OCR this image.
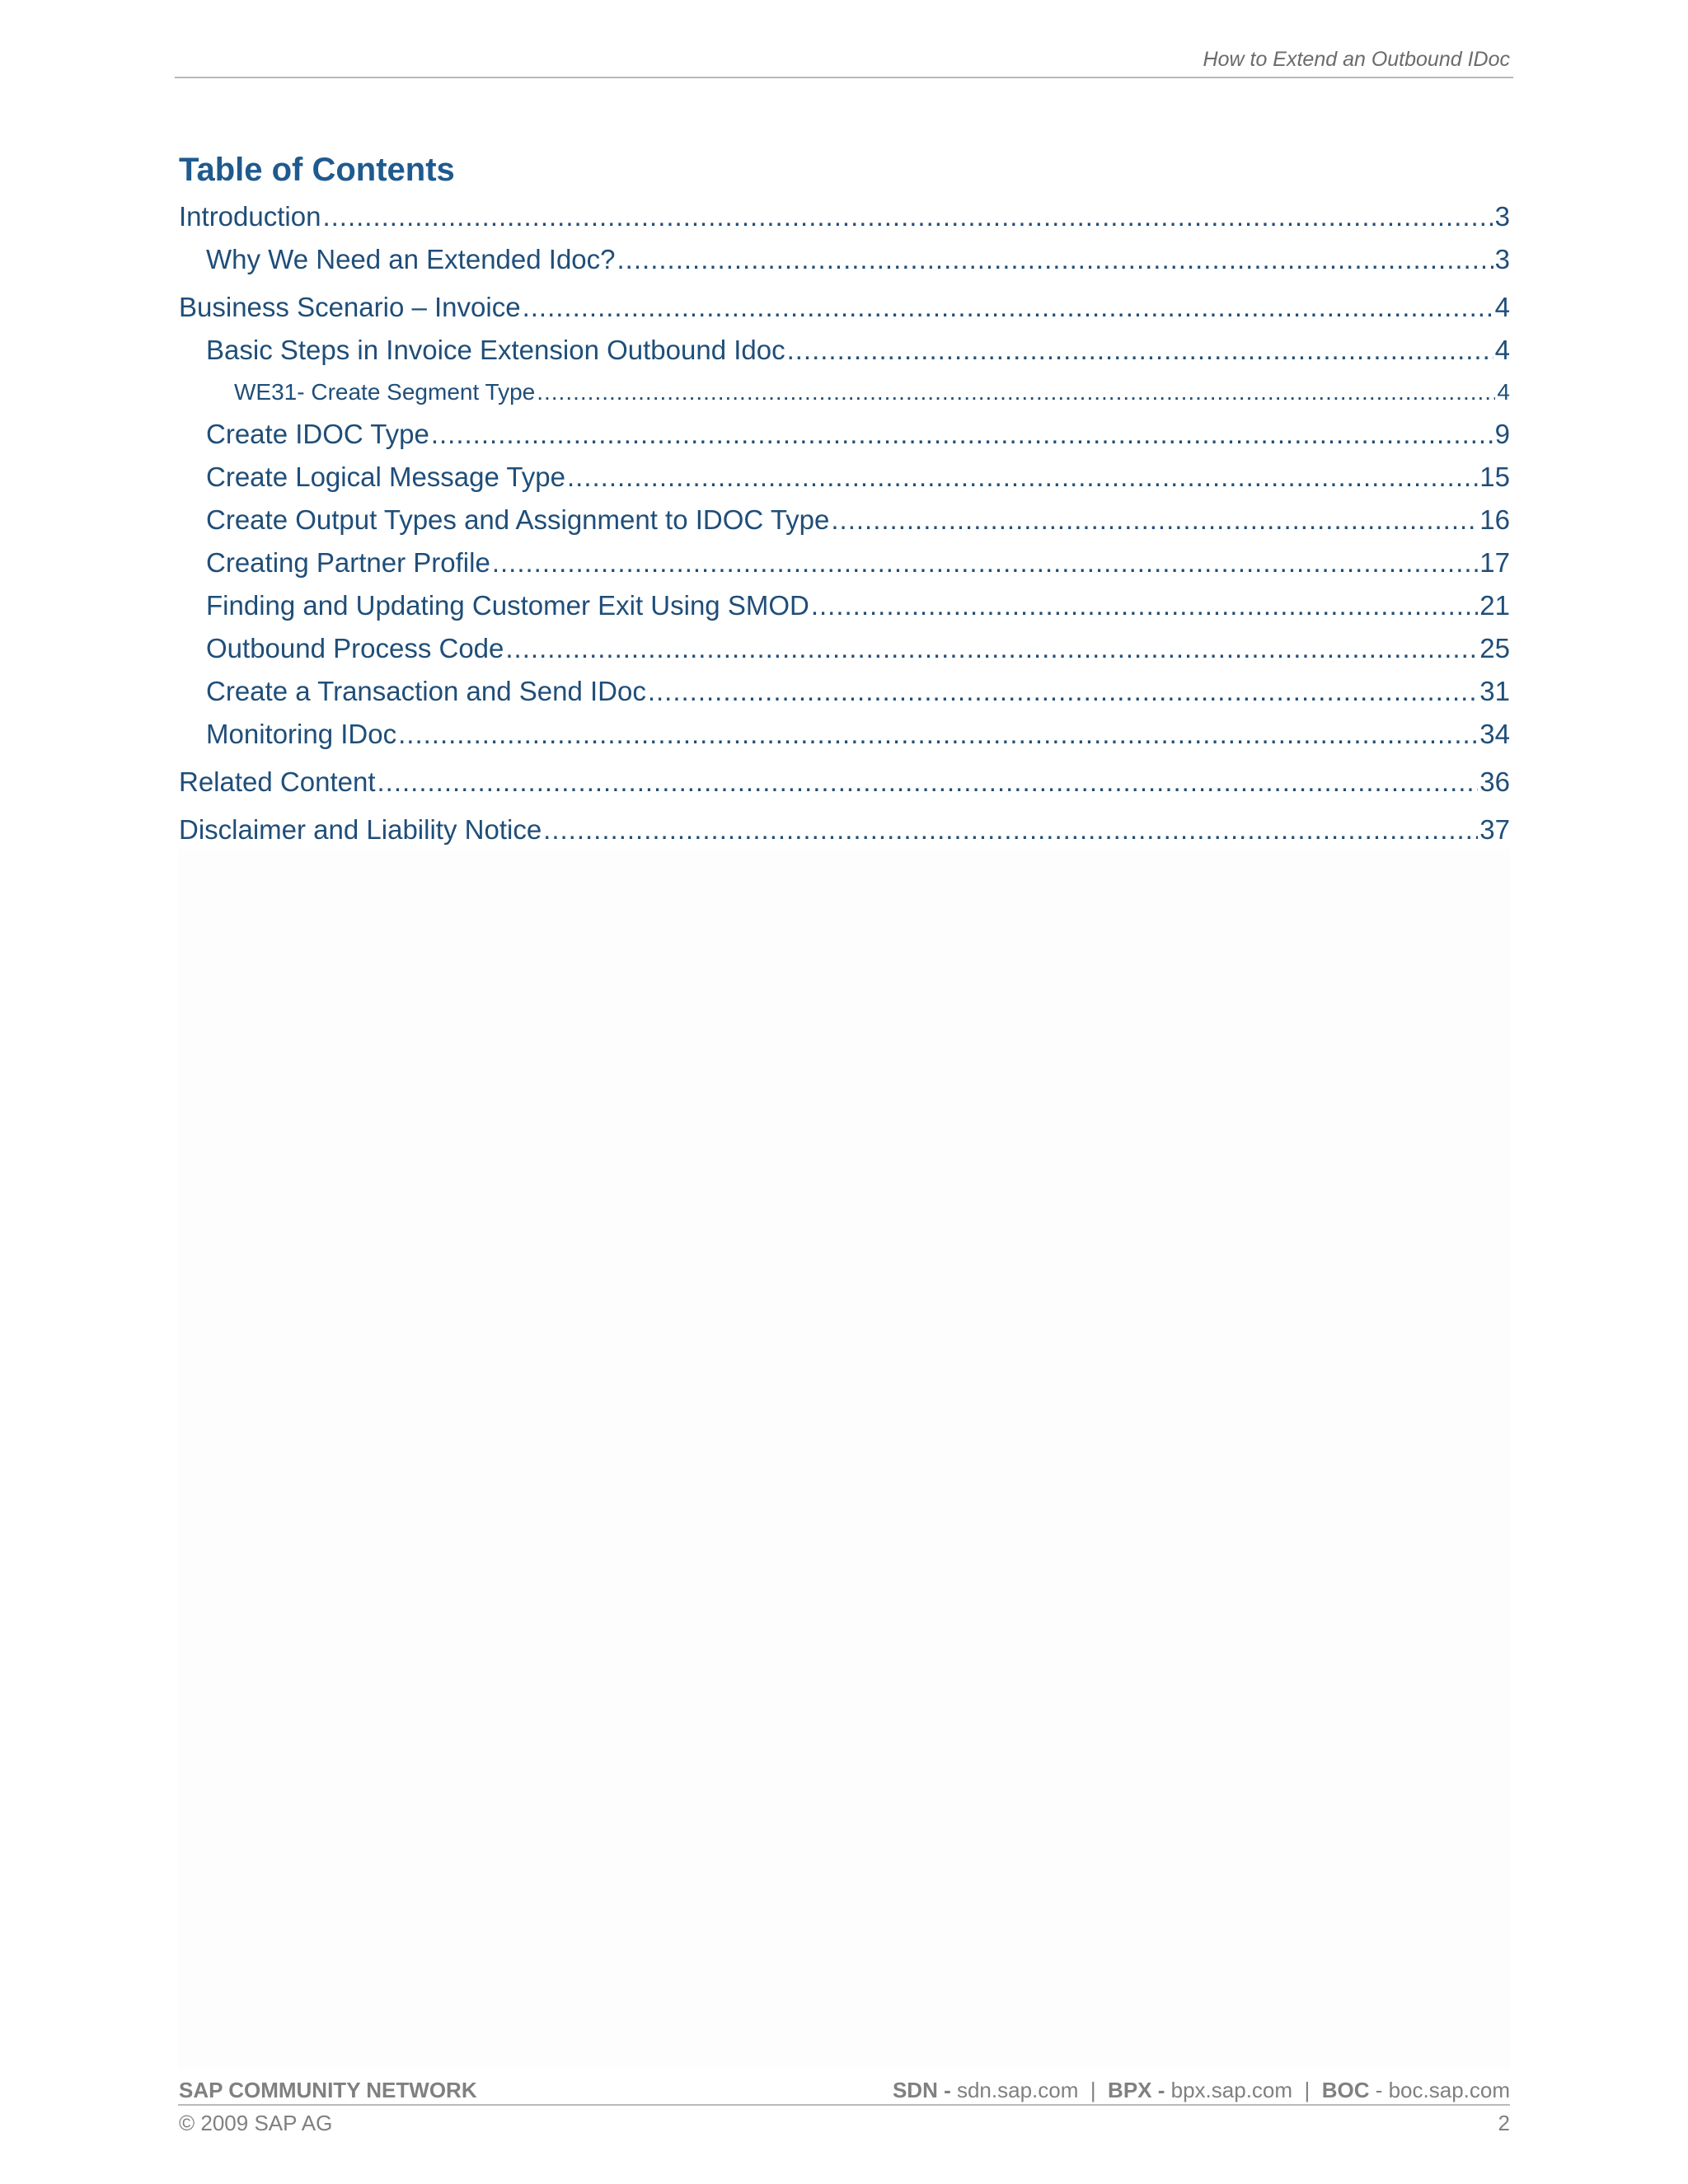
How to Extend an Outbound IDoc
Table of Contents
Introduction .....	3
Why We Need an Extended Idoc? .....	3
Business Scenario – Invoice .....	4
Basic Steps in Invoice Extension Outbound Idoc .....	4
WE31- Create Segment Type .....	4
Create IDOC Type .....	9
Create Logical Message Type .....	15
Create Output Types and Assignment to IDOC Type .....	16
Creating Partner Profile .....	17
Finding and Updating Customer Exit Using SMOD .....	21
Outbound Process Code .....	25
Create a Transaction and Send IDoc .....	31
Monitoring IDoc .....	34
Related Content .....	36
Disclaimer and Liability Notice .....	37
SAP COMMUNITY NETWORK	SDN - sdn.sap.com | BPX - bpx.sap.com | BOC - boc.sap.com
© 2009 SAP AG	2
